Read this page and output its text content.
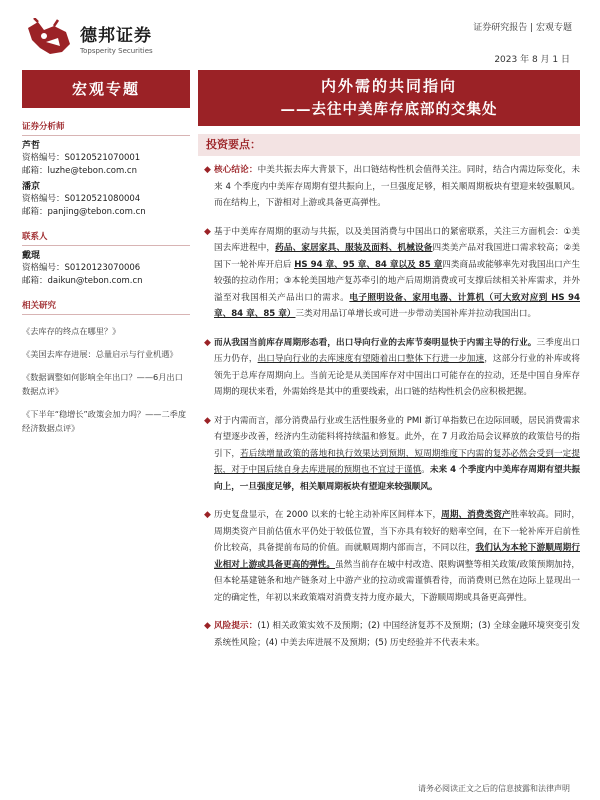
德邦证券
Topsperity Securities
证券研究报告 | 宏观专题
2023 年 8 月 1 日
宏观专题
证券分析师
芦哲
资格编号：S0120521070001
邮箱：luzhe@tebon.com.cn
潘京
资格编号：S0120521080004
邮箱：panjing@tebon.com.cn
联系人
戴琨
资格编号：S0120123070006
邮箱：daikun@tebon.com.cn
相关研究
《去库存的终点在哪里？》
《美国去库存进展：总量启示与行业机遇》
《数据调整如何影响全年出口？——6月出口数据点评》
《下半年“稳增长”政策会加力吗？——二季度经济数据点评》
内外需的共同指向
——去往中美库存底部的交集处
投资要点：
◆ 核心结论：中美共振去库大背景下，出口链结构性机会值得关注。同时，结合内需边际变化，未来 4 个季度内中美库存周期有望共振向上，一旦强度足够，相关顺周期板块有望迎来较强顺风。而在结构上，下游相对上游或具备更高弹性。

◆ 基于中美库存周期的驱动与共振，以及美国消费与中国出口的紧密联系，关注三方面机会：①美国去库进程中，药品、家居家具、服装及面料、机械设备四类美产品对我国进口需求较高；②美国下一轮补库开启后 HS 94 章、95 章、84 章以及 85 章四类商品或能够率先对我国出口产生较强的拉动作用；③本轮美国地产复苏牵引的地产后周期消费或可支撑后续相关补库需求，并外溢至对我国相关产品出口的需求。电子照明设备、家用电器、计算机（可大致对应到 HS 94 章、84 章、85 章）三类对用品订单增长或可进一步带动美国补库并拉动我国出口。

◆ 而从我国当前库存周期形态看，出口导向行业的去库节奏明显快于内需主导的行业。三季度出口压力仍存，出口导向行业的去库速度有望随着出口整体下行进一步加速，这部分行业的补库或将领先于总库存周期向上。当前无论是从美国库存对中国出口可能存在的拉动，还是中国自身库存周期的现状来看，外需始终是其中的重要线索，出口链的结构性机会仍应积极把握。

◆ 对于内需而言，部分消费品行业或生活性服务业的 PMI 新订单指数已在边际回暖，居民消费需求有望逐步改善，经济内生动能料将持续温和修复。此外，在 7 月政治局会议释放的政策信号的指引下，若后续增量政策的落地和执行效果达到预期，短周期维度下内需的复苏必然会受到一定提振，对于中国后续自身去库进展的预期也不宜过于谨慎。未来 4 个季度内中美库存周期有望共振向上，一旦强度足够，相关顺周期板块有望迎来较强顺风。

◆ 历史复盘显示，在 2000 以来的七轮主动补库区间样本下，周期、消费类资产胜率较高。同时，周期类资产目前估值水平仍处于较低位置，当下亦具有较好的赔率空间，在下一轮补库开启前性价比较高，具备提前布局的价值。而就顺周期内部而言，不同以往，我们认为本轮下游顺周期行业相对上游或具备更高的弹性。虽然当前存在城中村改造、限购调整等相关政策/政策预期加持，但本轮基建链条和地产链条对上中游产业的拉动或需谨慎看待，而消费则已然在边际上显现出一定的确定性，年初以来政策端对消费支持力度亦最大，下游顺周期或具备更高弹性。

◆ 风险提示：(1) 相关政策实效不及预期；(2) 中国经济复苏不及预期；(3) 全球金融环境突变引发系统性风险；(4) 中美去库进展不及预期；(5) 历史经验并不代表未来。

请务必阅读正文之后的信息披露和法律声明
